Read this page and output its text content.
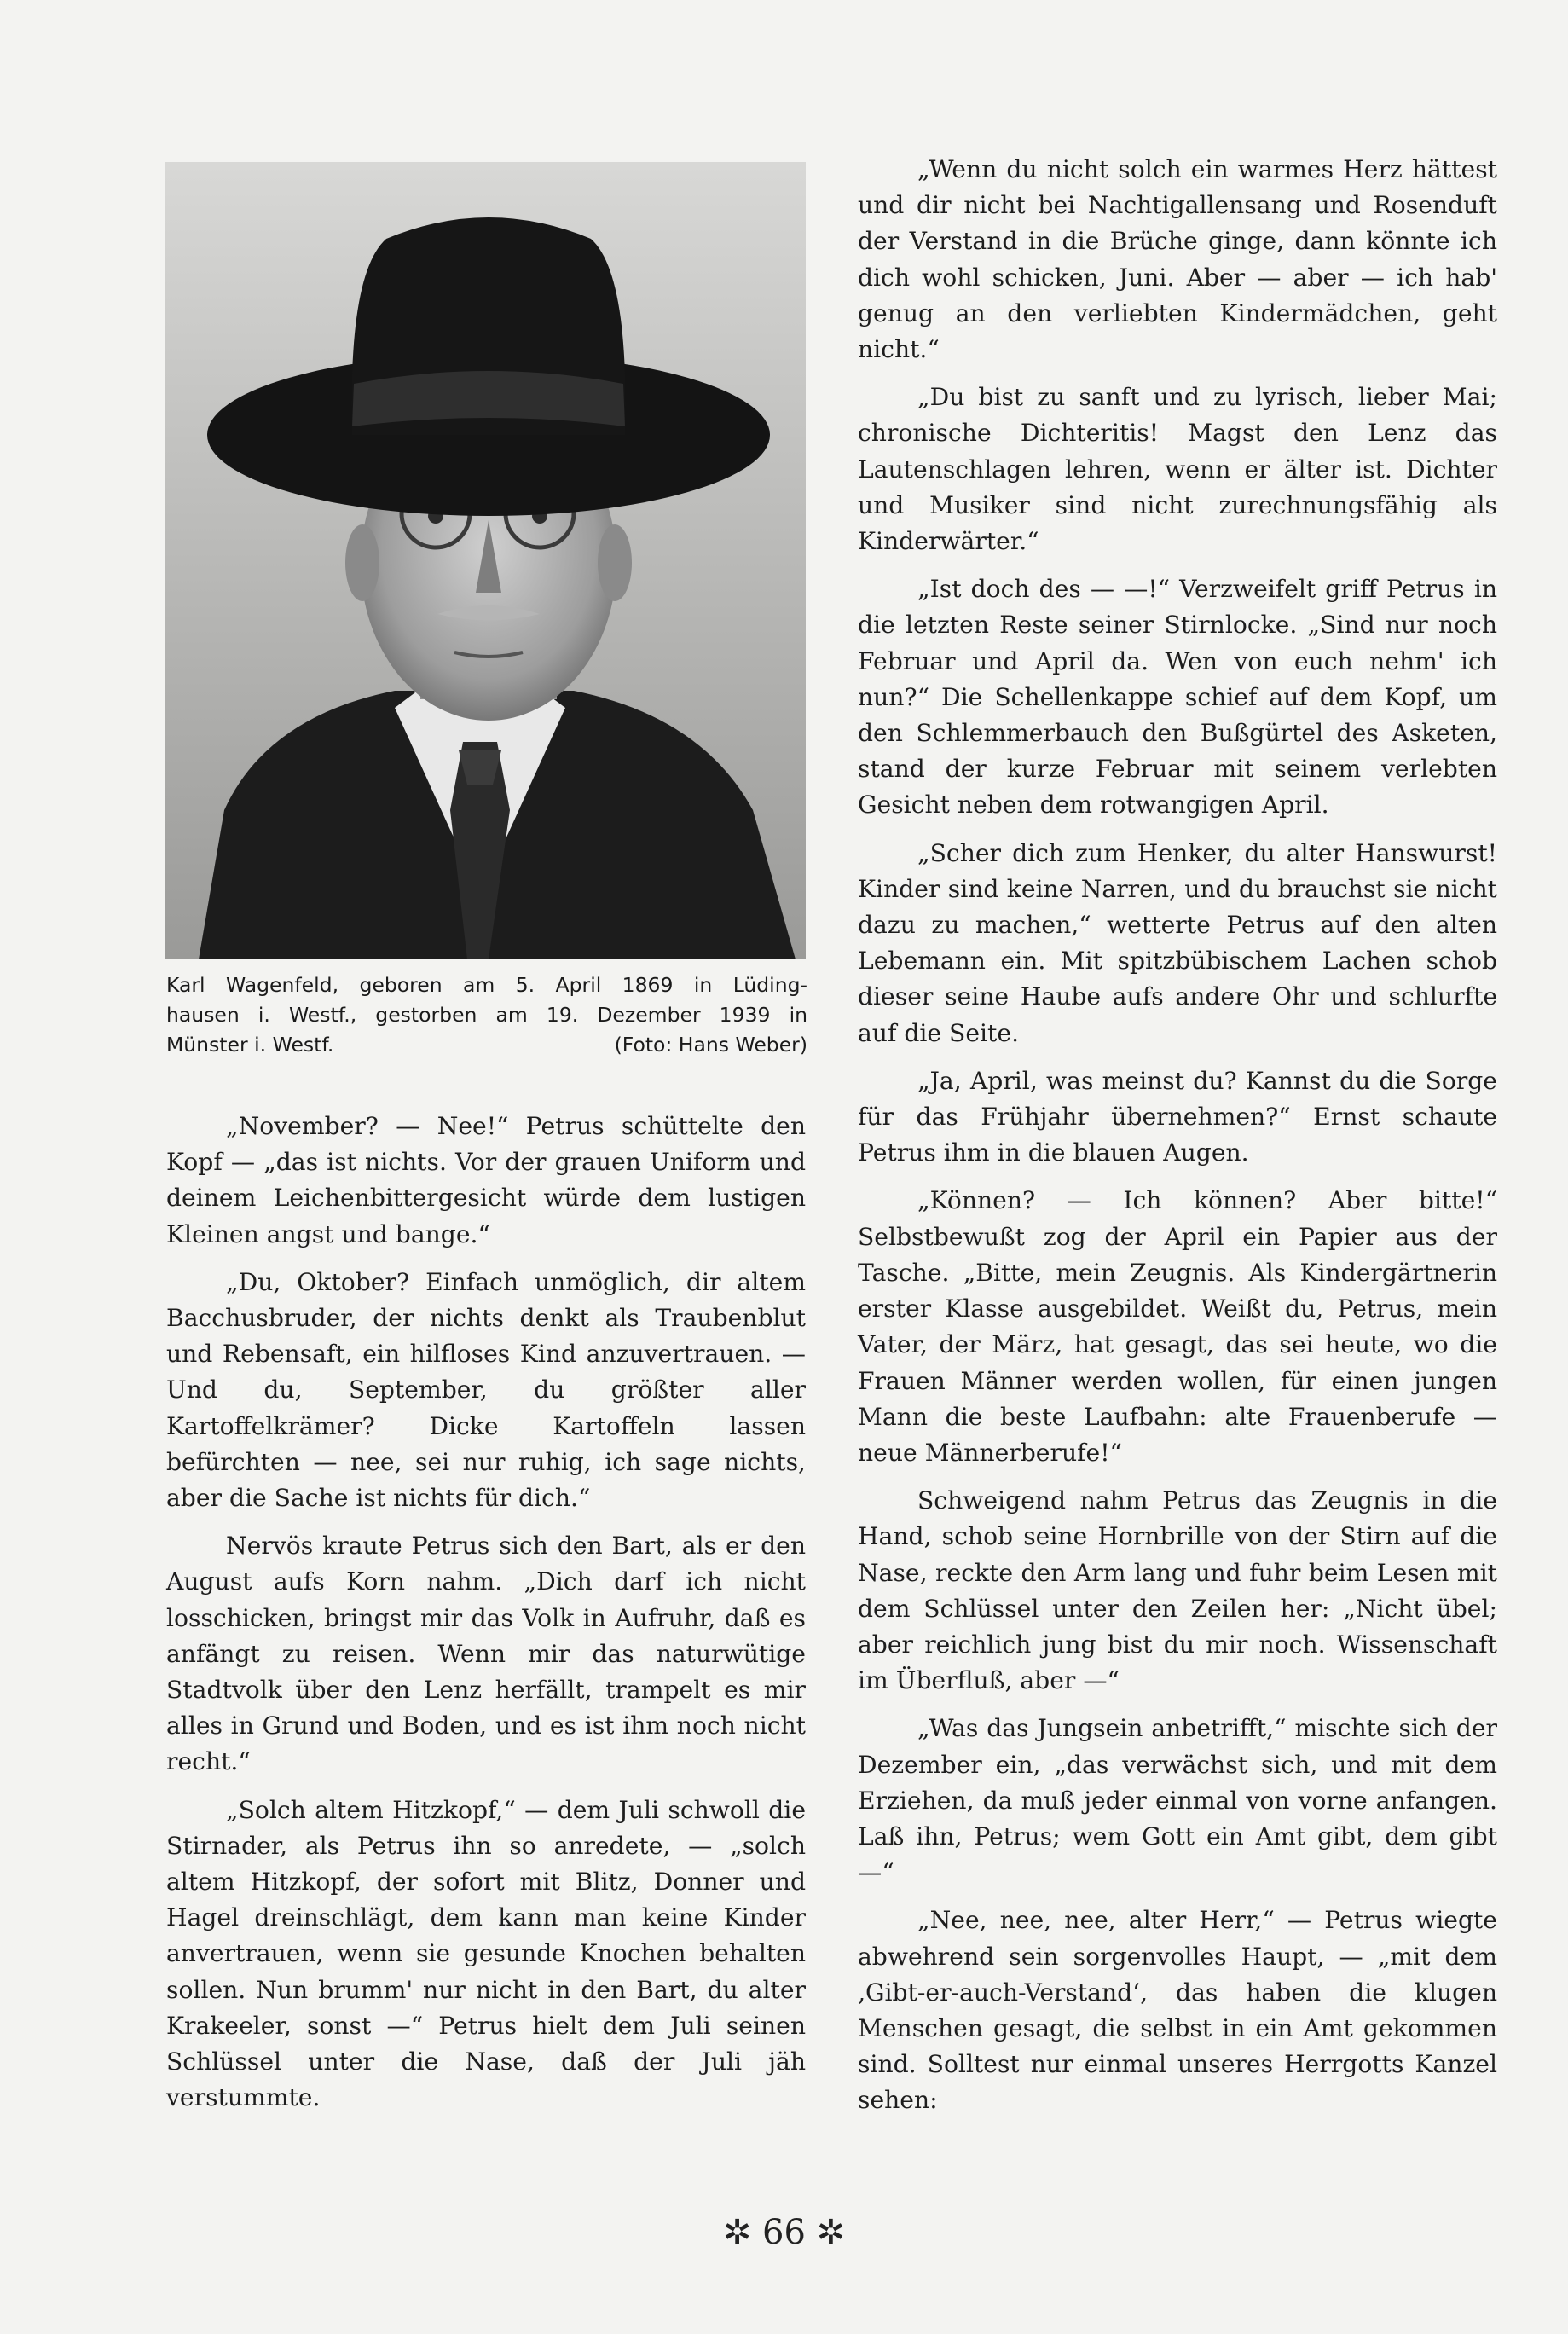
Karl Wagenfeld, geboren am 5. April 1869 in Lüding-
hausen i. Westf., gestorben am 19. Dezember 1939 in
Münster i. Westf.	(Foto: Hans Weber)

„November? — Nee!“ Petrus schüttelte den Kopf — „das ist nichts. Vor der grauen Uniform und deinem Leichenbittergesicht würde dem lustigen Kleinen angst und bange.“

„Du, Oktober? Einfach unmöglich, dir altem Bacchusbruder, der nichts denkt als Traubenblut und Rebensaft, ein hilfloses Kind anzuvertrauen. — Und du, September, du größter aller Kartoffelkrämer? Dicke Kartoffeln lassen befürchten — nee, sei nur ruhig, ich sage nichts, aber die Sache ist nichts für dich.“

Nervös kraute Petrus sich den Bart, als er den August aufs Korn nahm. „Dich darf ich nicht losschicken, bringst mir das Volk in Aufruhr, daß es anfängt zu reisen. Wenn mir das naturwütige Stadtvolk über den Lenz herfällt, trampelt es mir alles in Grund und Boden, und es ist ihm noch nicht recht.“

„Solch altem Hitzkopf,“ — dem Juli schwoll die Stirnader, als Petrus ihn so anredete, — „solch altem Hitzkopf, der sofort mit Blitz, Donner und Hagel dreinschlägt, dem kann man keine Kinder anvertrauen, wenn sie gesunde Knochen behalten sollen. Nun brumm' nur nicht in den Bart, du alter Krakeeler, sonst —“ Petrus hielt dem Juli seinen Schlüssel unter die Nase, daß der Juli jäh verstummte.

„Wenn du nicht solch ein warmes Herz hättest und dir nicht bei Nachtigallensang und Rosenduft der Verstand in die Brüche ginge, dann könnte ich dich wohl schicken, Juni. Aber — aber — ich hab' genug an den verliebten Kindermädchen, geht nicht.“

„Du bist zu sanft und zu lyrisch, lieber Mai; chronische Dichteritis! Magst den Lenz das Lautenschlagen lehren, wenn er älter ist. Dichter und Musiker sind nicht zurechnungsfähig als Kinderwärter.“

„Ist doch des — —!“ Verzweifelt griff Petrus in die letzten Reste seiner Stirnlocke. „Sind nur noch Februar und April da. Wen von euch nehm' ich nun?“ Die Schellenkappe schief auf dem Kopf, um den Schlemmerbauch den Bußgürtel des Asketen, stand der kurze Februar mit seinem verlebten Gesicht neben dem rotwangigen April.

„Scher dich zum Henker, du alter Hanswurst! Kinder sind keine Narren, und du brauchst sie nicht dazu zu machen,“ wetterte Petrus auf den alten Lebemann ein. Mit spitzbübischem Lachen schob dieser seine Haube aufs andere Ohr und schlurfte auf die Seite.

„Ja, April, was meinst du? Kannst du die Sorge für das Frühjahr übernehmen?“ Ernst schaute Petrus ihm in die blauen Augen.

„Können? — Ich können? Aber bitte!“ Selbstbewußt zog der April ein Papier aus der Tasche. „Bitte, mein Zeugnis. Als Kindergärtnerin erster Klasse ausgebildet. Weißt du, Petrus, mein Vater, der März, hat gesagt, das sei heute, wo die Frauen Männer werden wollen, für einen jungen Mann die beste Laufbahn: alte Frauenberufe — neue Männerberufe!“

Schweigend nahm Petrus das Zeugnis in die Hand, schob seine Hornbrille von der Stirn auf die Nase, reckte den Arm lang und fuhr beim Lesen mit dem Schlüssel unter den Zeilen her: „Nicht übel; aber reichlich jung bist du mir noch. Wissenschaft im Überfluß, aber —“

„Was das Jungsein anbetrifft,“ mischte sich der Dezember ein, „das verwächst sich, und mit dem Erziehen, da muß jeder einmal von vorne anfangen. Laß ihn, Petrus; wem Gott ein Amt gibt, dem gibt —“

„Nee, nee, nee, alter Herr,“ — Petrus wiegte abwehrend sein sorgenvolles Haupt, — „mit dem ‚Gibt-er-auch-Verstand‘, das haben die klugen Menschen gesagt, die selbst in ein Amt gekommen sind. Solltest nur einmal unseres Herrgotts Kanzel sehen:

✲ 66 ✲
